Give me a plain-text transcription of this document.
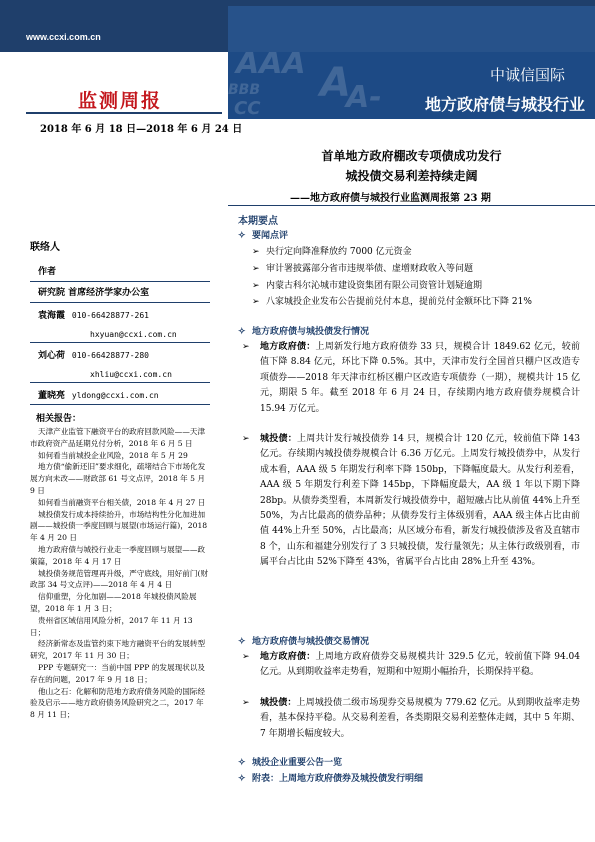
www.ccxi.com.cn
AAA
BBB A
CC	A-
中诚信国际
地方政府债与城投行业
监测周报
2018 年 6 月 18 日—2018 年 6 月 24 日
首单地方政府棚改专项债成功发行
城投债交易利差持续走阔
——地方政府债与城投行业监测周报第 23 期
本期要点
✧ 要闻点评
➢ 央行定向降准释放约 7000 亿元资金
➢ 审计署披露部分省市违规举债、虚增财政收入等问题
➢ 内蒙古科尔沁城市建设资集团有限公司资管计划疑逾期
➢ 八家城投企业发布公告提前兑付本息，提前兑付金额环比下降 21%
✧ 地方政府债与城投债发行情况
➢ 地方政府债：上周新发行地方政府债券 33 只，规模合计 1849.62 亿元，较前值下降 8.84 亿元，环比下降 0.5%。其中，天津市发行全国首只棚户区改造专项债券——2018 年天津市红桥区棚户区改造专项债券（一期），规模共计 15 亿元，期限 5 年。截至 2018 年 6 月 24 日，存续期内地方政府债券规模合计 15.94 万亿元。
➢ 城投债：上周共计发行城投债券 14 只，规模合计 120 亿元，较前值下降 143 亿元。存续期内城投债券规模合计 6.36 万亿元。上周发行城投债券中，从发行成本看，AAA 级 5 年期发行利率下降 150bp，下降幅度最大。从发行利差看，AAA 级 5 年期发行利差下降 145bp，下降幅度最大，AA 级 1 年以下期下降 28bp。从债券类型看，本周新发行城投债券中，超短融占比从前值 44%上升至 50%，为占比最高的债券品种；从债券发行主体级别看，AAA 级主体占比由前值 44%上升至 50%，占比最高；从区域分布看，新发行城投债涉及省及直辖市 8 个，山东和福建分别发行了 3 只城投债，发行量领先；从主体行政级别看，市属平台占比由 52%下降至 43%，省属平台占比由 28%上升至 43%。
✧ 地方政府债与城投债交易情况
➢ 地方政府债：上周地方政府债券交易规模共计 329.5 亿元，较前值下降 94.04 亿元。从到期收益率走势看，短期和中短期小幅抬升，长期保持平稳。
➢ 城投债：上周城投债二级市场现券交易规模为 779.62 亿元。从到期收益率走势看，基本保持平稳。从交易利差看，各类期限交易利差整体走阔，其中 5 年期、7 年期增长幅度较大。
✧ 城投企业重要公告一览
✧ 附表：上周地方政府债券及城投债发行明细
联络人
作者
研究院 首席经济学家办公室
袁海霞 010-66428877-261
hxyuan@ccxi.com.cn
刘心荷 010-66428877-280
xhliu@ccxi.com.cn
董晓亮 yldong@ccxi.com.cn
相关报告：
天津产业监管下融资平台的政府回款风险——天津市政府资产品延期兑付分析，2018 年 6 月 5 日
如何看当前城投企业风险，2018 年 5 月 29
地方债“偷新还旧”要求细化，疏堵结合下市场化发展方向未改——财政部 61 号文点评，2018 年 5 月 9 日
如何看当前融资平台相关债，2018 年 4 月 27 日
城投债发行成本持续抬升，市场结构性分化加进加剧——城投债一季度回顾与展望(市场运行篇)，2018 年 4 月 20 日
地方政府债与城投行业走一季度回顾与展望——政策篇，2018 年 4 月 17 日
城投债务规范管理再升级，严守底线，用好前门(财政部 34 号文点评)——2018 年 4 月 4 日
信仰重塑，分化加剧——2018 年城投债风险展望，2018 年 1 月 3 日；
贵州省区域信用风险分析，2017 年 11 月 13 日；
经济新常态及监管约束下地方融资平台的发展转型研究，2017 年 11 月 30 日；
PPP 专题研究一：当前中国 PPP 的发展现状以及存在的问题，2017 年 9 月 18 日；
他山之石：化解和防范地方政府债务风险的国际经验及启示——地方政府债务风险研究之二，2017 年 8 月 11 日；
